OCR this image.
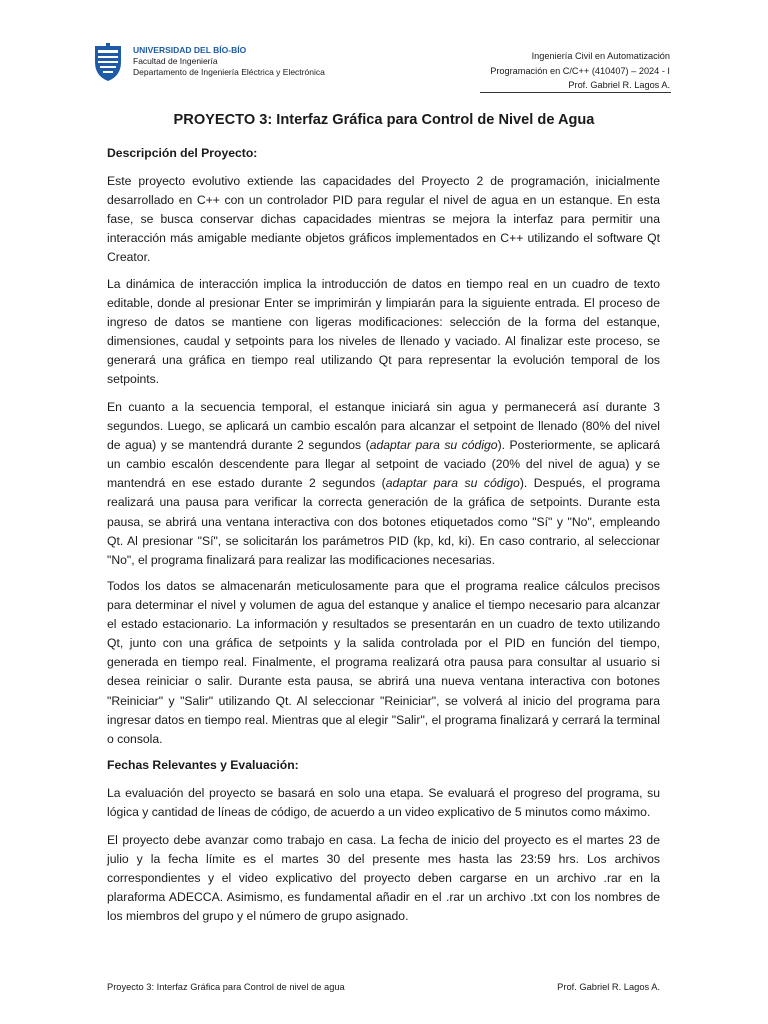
UNIVERSIDAD DEL BÍO-BÍO
Facultad de Ingeniería
Departamento de Ingeniería Eléctrica y Electrónica
Ingeniería Civil en Automatización
Programación en C/C++ (410407) – 2024 - I
Prof. Gabriel R. Lagos A.
PROYECTO 3: Interfaz Gráfica para Control de Nivel de Agua
Descripción del Proyecto:

Este proyecto evolutivo extiende las capacidades del Proyecto 2 de programación, inicialmente desarrollado en C++ con un controlador PID para regular el nivel de agua en un estanque. En esta fase, se busca conservar dichas capacidades mientras se mejora la interfaz para permitir una interacción más amigable mediante objetos gráficos implementados en C++ utilizando el software Qt Creator.

La dinámica de interacción implica la introducción de datos en tiempo real en un cuadro de texto editable, donde al presionar Enter se imprimirán y limpiarán para la siguiente entrada. El proceso de ingreso de datos se mantiene con ligeras modificaciones: selección de la forma del estanque, dimensiones, caudal y setpoints para los niveles de llenado y vaciado. Al finalizar este proceso, se generará una gráfica en tiempo real utilizando Qt para representar la evolución temporal de los setpoints.

En cuanto a la secuencia temporal, el estanque iniciará sin agua y permanecerá así durante 3 segundos. Luego, se aplicará un cambio escalón para alcanzar el setpoint de llenado (80% del nivel de agua) y se mantendrá durante 2 segundos (adaptar para su código). Posteriormente, se aplicará un cambio escalón descendente para llegar al setpoint de vaciado (20% del nivel de agua) y se mantendrá en ese estado durante 2 segundos (adaptar para su código). Después, el programa realizará una pausa para verificar la correcta generación de la gráfica de setpoints. Durante esta pausa, se abrirá una ventana interactiva con dos botones etiquetados como "Sí" y "No", empleando Qt. Al presionar "Sí", se solicitarán los parámetros PID (kp, kd, ki). En caso contrario, al seleccionar "No", el programa finalizará para realizar las modificaciones necesarias.

Todos los datos se almacenarán meticulosamente para que el programa realice cálculos precisos para determinar el nivel y volumen de agua del estanque y analice el tiempo necesario para alcanzar el estado estacionario. La información y resultados se presentarán en un cuadro de texto utilizando Qt, junto con una gráfica de setpoints y la salida controlada por el PID en función del tiempo, generada en tiempo real. Finalmente, el programa realizará otra pausa para consultar al usuario si desea reiniciar o salir. Durante esta pausa, se abrirá una nueva ventana interactiva con botones "Reiniciar" y "Salir" utilizando Qt. Al seleccionar "Reiniciar", se volverá al inicio del programa para ingresar datos en tiempo real. Mientras que al elegir "Salir", el programa finalizará y cerrará la terminal o consola.

Fechas Relevantes y Evaluación:

La evaluación del proyecto se basará en solo una etapa. Se evaluará el progreso del programa, su lógica y cantidad de líneas de código, de acuerdo a un video explicativo de 5 minutos como máximo.

El proyecto debe avanzar como trabajo en casa. La fecha de inicio del proyecto es el martes 23 de julio y la fecha límite es el martes 30 del presente mes hasta las 23:59 hrs. Los archivos correspondientes y el video explicativo del proyecto deben cargarse en un archivo .rar en la plaraforma ADECCA. Asimismo, es fundamental añadir en el .rar un archivo .txt con los nombres de los miembros del grupo y el número de grupo asignado.

Proyecto 3: Interfaz Gráfica para Control de nivel de agua	Prof. Gabriel R. Lagos A.
